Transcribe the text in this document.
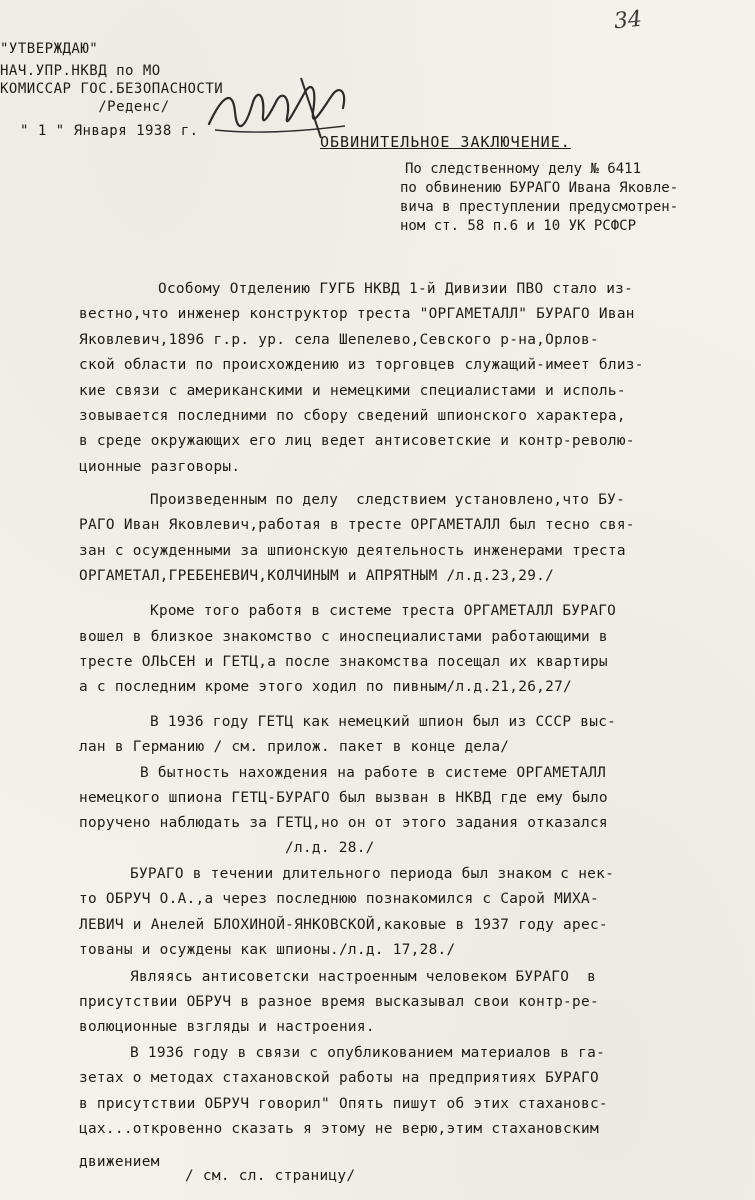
34
"УТВЕРЖДАЮ"
НАЧ.УПР.НКВД по МО
КОМИССАР ГОС.БЕЗОПАСНОСТИ
/Реденс/
" 1 " Января 1938 г.
ОБВИНИТЕЛЬНОЕ ЗАКЛЮЧЕНИЕ.
По следственному делу № 6411
по обвинению БУРАГО Ивана Яковле-
вича в преступлении предусмотрен-
ном ст. 58 п.6 и 10 УК РСФСР
Особому Отделению ГУГБ НКВД 1-й Дивизии ПВО стало из-
вестно,что инженер конструктор треста "ОРГАМЕТАЛЛ" БУРАГО Иван
Яковлевич,1896 г.р. ур. села Шепелево,Севского р-на,Орлов-
ской области по происхождению из торговцев служащий-имеет близ-
кие связи с американскими и немецкими специалистами и исполь-
зовывается последними по сбору сведений шпионского характера,
в среде окружающих его лиц ведет антисоветские и контр-револю-
ционные разговоры.
Произведенным по делу  следствием установлено,что БУ-
РАГО Иван Яковлевич,работая в тресте ОРГАМЕТАЛЛ был тесно свя-
зан с осужденными за шпионскую деятельность инженерами треста
ОРГАМЕТАЛ,ГРЕБЕНЕВИЧ,КОЛЧИНЫМ и АПРЯТНЫМ /л.д.23,29./
Кроме того работя в системе треста ОРГАМЕТАЛЛ БУРАГО
вошел в близкое знакомство с иноспециалистами работающими в
тресте ОЛЬСЕН и ГЕТЦ,а после знакомства посещал их квартиры
а с последним кроме этого ходил по пивным/л.д.21,26,27/
В 1936 году ГЕТЦ как немецкий шпион был из СССР выс-
лан в Германию / см. прилож. пакет в конце дела/
В бытность нахождения на работе в системе ОРГАМЕТАЛЛ
немецкого шпиона ГЕТЦ-БУРАГО был вызван в НКВД где ему было
поручено наблюдать за ГЕТЦ,но он от этого задания отказался
/л.д. 28./
БУРАГО в течении длительного периода был знаком с нек-
то ОБРУЧ О.А.,а через последнюю познакомился с Сарой МИХА-
ЛЕВИЧ и Анелей БЛОХИНОЙ-ЯНКОВСКОЙ,каковые в 1937 году арес-
тованы и осуждены как шпионы./л.д. 17,28./
Являясь антисоветски настроенным человеком БУРАГО  в
присутствии ОБРУЧ в разное время высказывал свои контр-ре-
волюционные взгляды и настроения.
В 1936 году в связи с опубликованием материалов в га-
зетах о методах стахановской работы на предприятиях БУРАГО
в присутствии ОБРУЧ говорил" Опять пишут об этих стахановс-
цах...откровенно сказать я этому не верю,этим стахановским
движением
/ см. сл. страницу/
